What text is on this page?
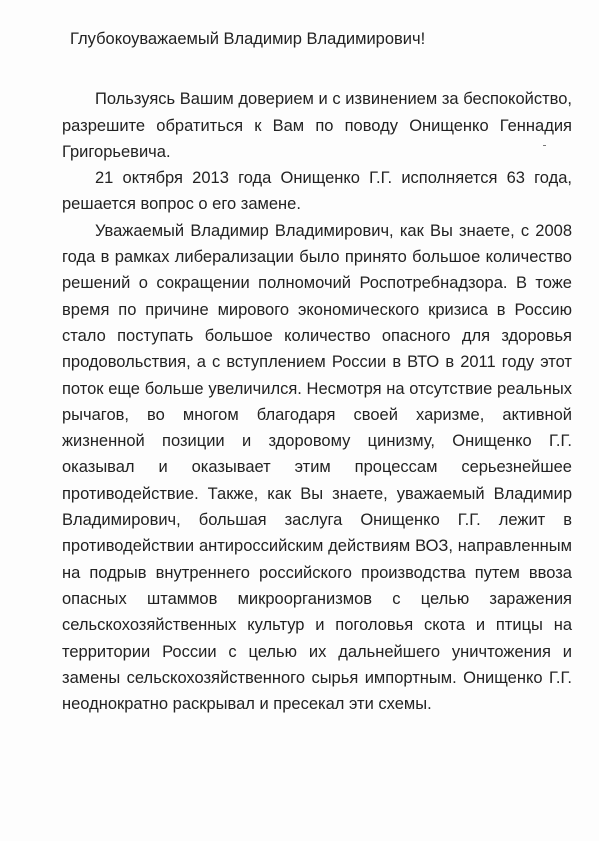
Глубокоуважаемый Владимир Владимирович!

Пользуясь Вашим доверием и с извинением за беспокойство, разрешите обратиться к Вам по поводу Онищенко Геннадия Григорьевича.

21 октября 2013 года Онищенко Г.Г. исполняется 63 года, решается вопрос о его замене.

Уважаемый Владимир Владимирович, как Вы знаете, с 2008 года в рамках либерализации было принято большое количество решений о сокращении полномочий Роспотребнадзора. В тоже время по причине мирового экономического кризиса в Россию стало поступать большое количество опасного для здоровья продовольствия, а с вступлением России в ВТО в 2011 году этот поток еще больше увеличился. Несмотря на отсутствие реальных рычагов, во многом благодаря своей харизме, активной жизненной позиции и здоровому цинизму, Онищенко Г.Г. оказывал и оказывает этим процессам серьезнейшее противодействие. Также, как Вы знаете, уважаемый Владимир Владимирович, большая заслуга Онищенко Г.Г. лежит в противодействии антироссийским действиям ВОЗ, направленным на подрыв внутреннего российского производства путем ввоза опасных штаммов микроорганизмов с целью заражения сельскохозяйственных культур и поголовья скота и птицы на территории России с целью их дальнейшего уничтожения и замены сельскохозяйственного сырья импортным. Онищенко Г.Г. неоднократно раскрывал и пресекал эти схемы.
